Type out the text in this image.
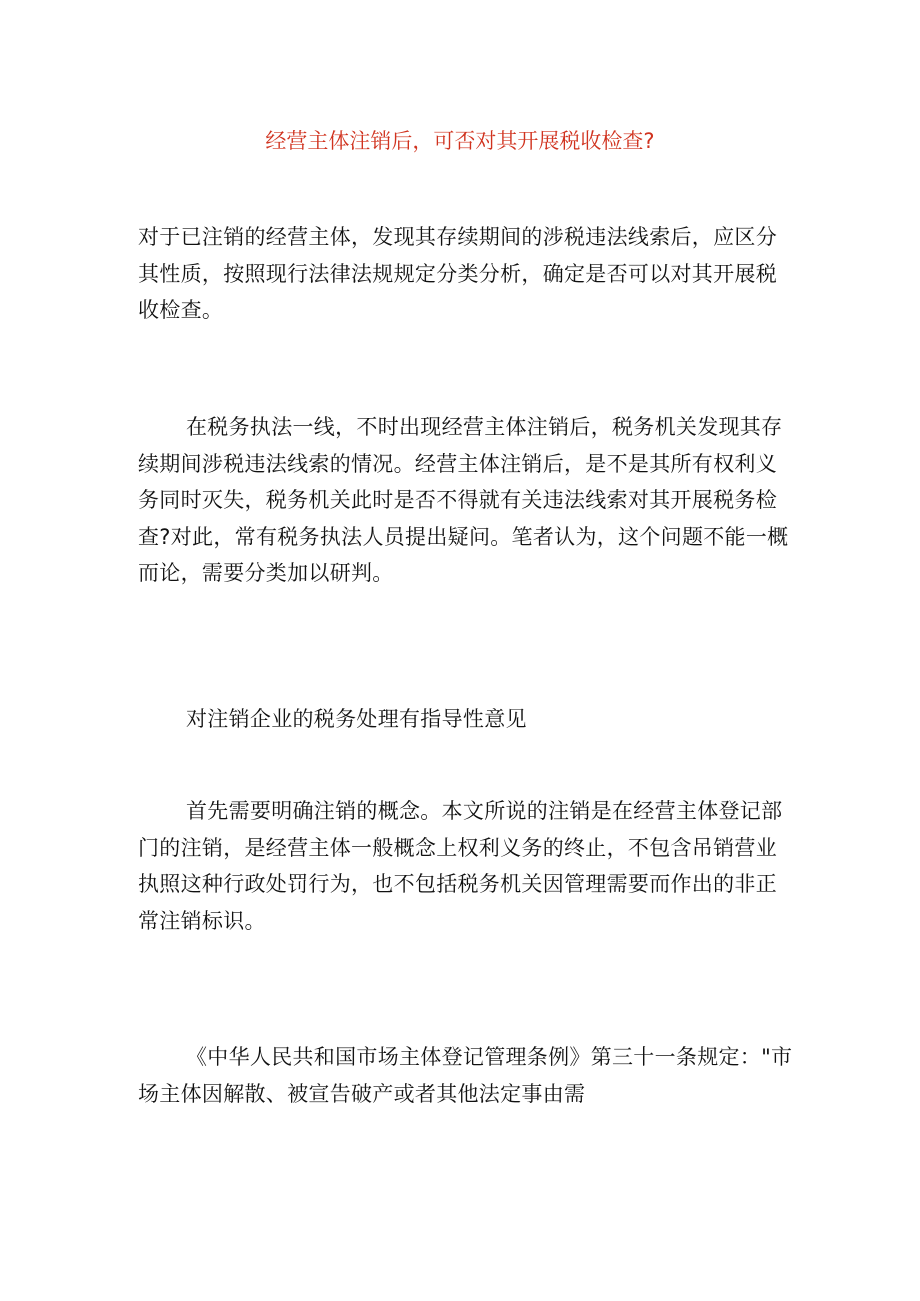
经营主体注销后，可否对其开展税收检查?

对于已注销的经营主体，发现其存续期间的涉税违法线索后，应区分其性质，按照现行法律法规规定分类分析，确定是否可以对其开展税收检查。

在税务执法一线，不时出现经营主体注销后，税务机关发现其存续期间涉税违法线索的情况。经营主体注销后，是不是其所有权利义务同时灭失，税务机关此时是否不得就有关违法线索对其开展税务检查?对此，常有税务执法人员提出疑问。笔者认为，这个问题不能一概而论，需要分类加以研判。

对注销企业的税务处理有指导性意见

首先需要明确注销的概念。本文所说的注销是在经营主体登记部门的注销，是经营主体一般概念上权利义务的终止，不包含吊销营业执照这种行政处罚行为，也不包括税务机关因管理需要而作出的非正常注销标识。

《中华人民共和国市场主体登记管理条例》第三十一条规定："市场主体因解散、被宣告破产或者其他法定事由需
